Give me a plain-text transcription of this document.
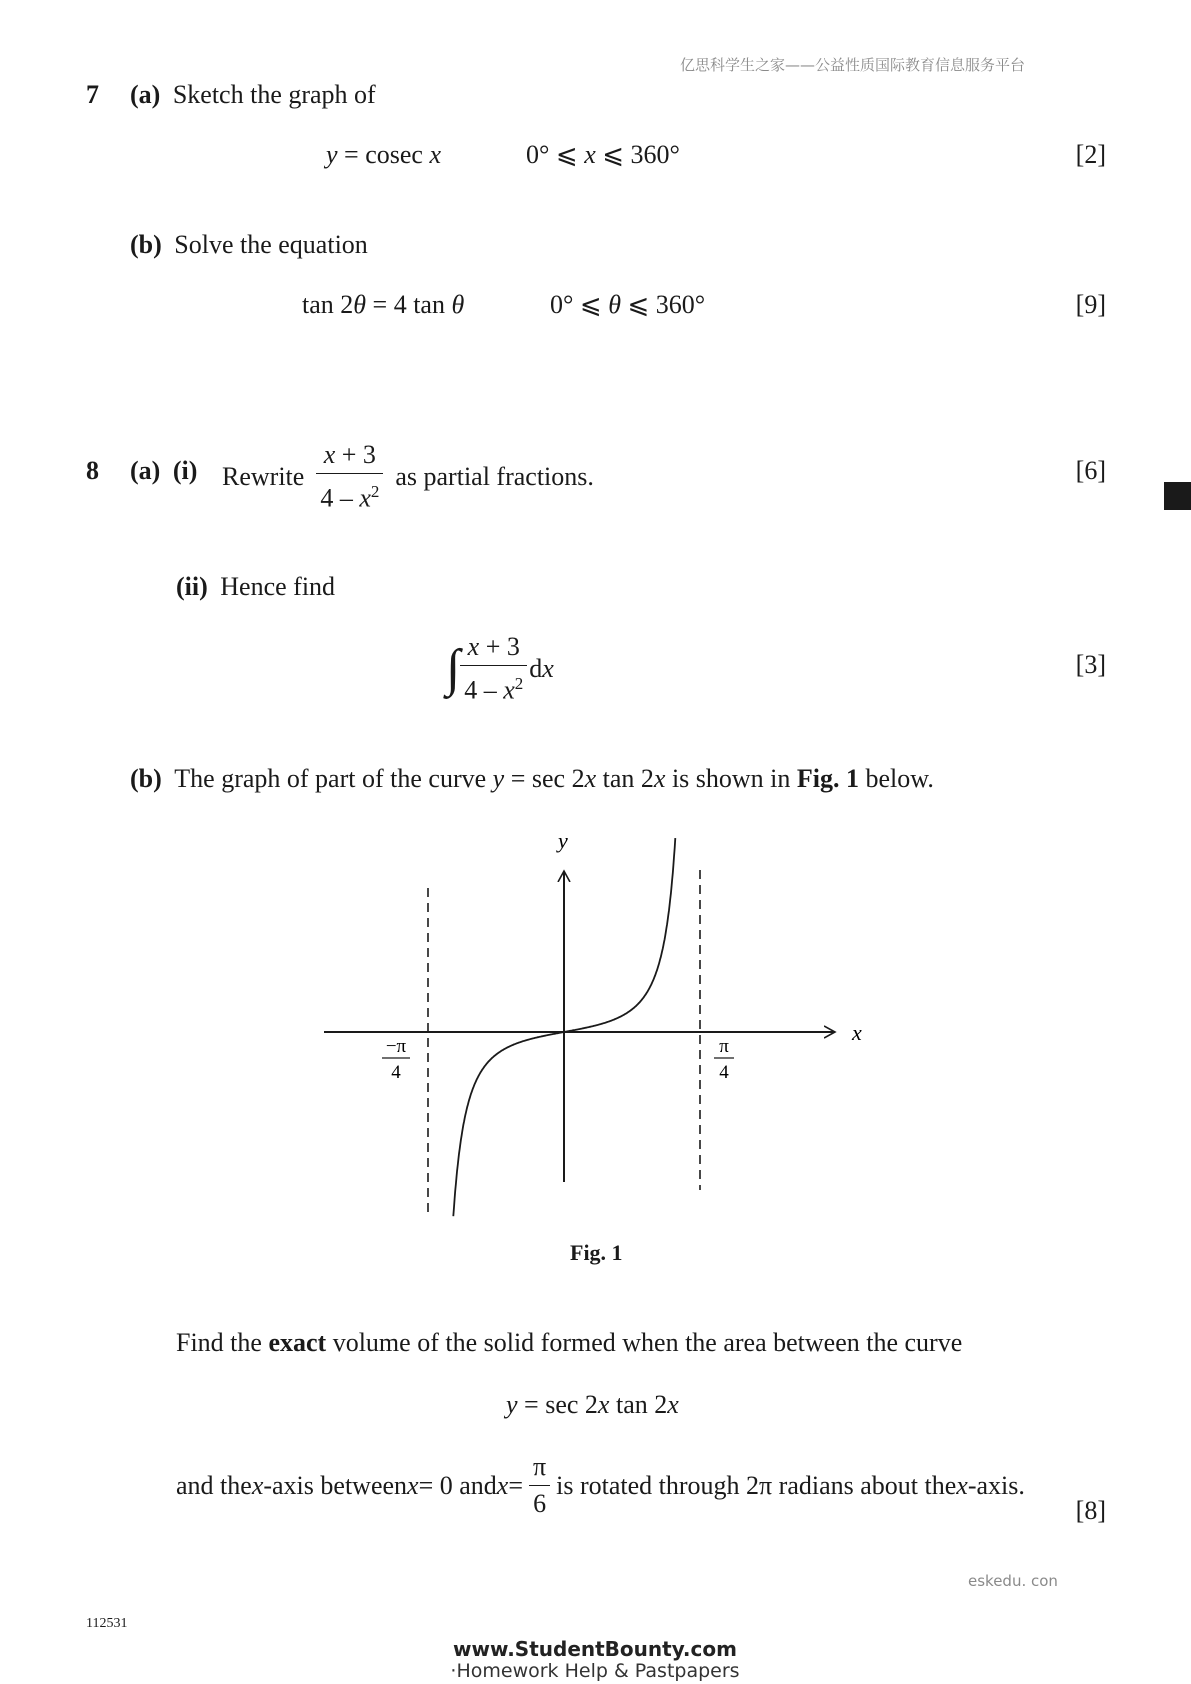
亿思科学生之家——公益性质国际教育信息服务平台
7 (a) Sketch the graph of
y = cosec x	0° ⩽ x ⩽ 360°	[2]
(b) Solve the equation
tan 2θ = 4 tan θ	0° ⩽ θ ⩽ 360°	[9]
8 (a) (i) Rewrite $\frac{x + 3}{4 - x^2}$ as partial fractions.	[6]
(ii) Hence find
∫ $\frac{x + 3}{4 - x^2}$ dx	[3]
(b) The graph of part of the curve y = sec 2x tan 2x is shown in Fig. 1 below.
y
x
−π
4
π
4
Fig. 1
Find the exact volume of the solid formed when the area between the curve
y = sec 2x tan 2x
and the x -axis between x = 0 and $x = \frac{\pi}{6}$ is rotated through 2π radians about the x -axis.
[8]
eskedu. con
112531
www.StudentBounty.com
·Homework Help & Pastpapers
